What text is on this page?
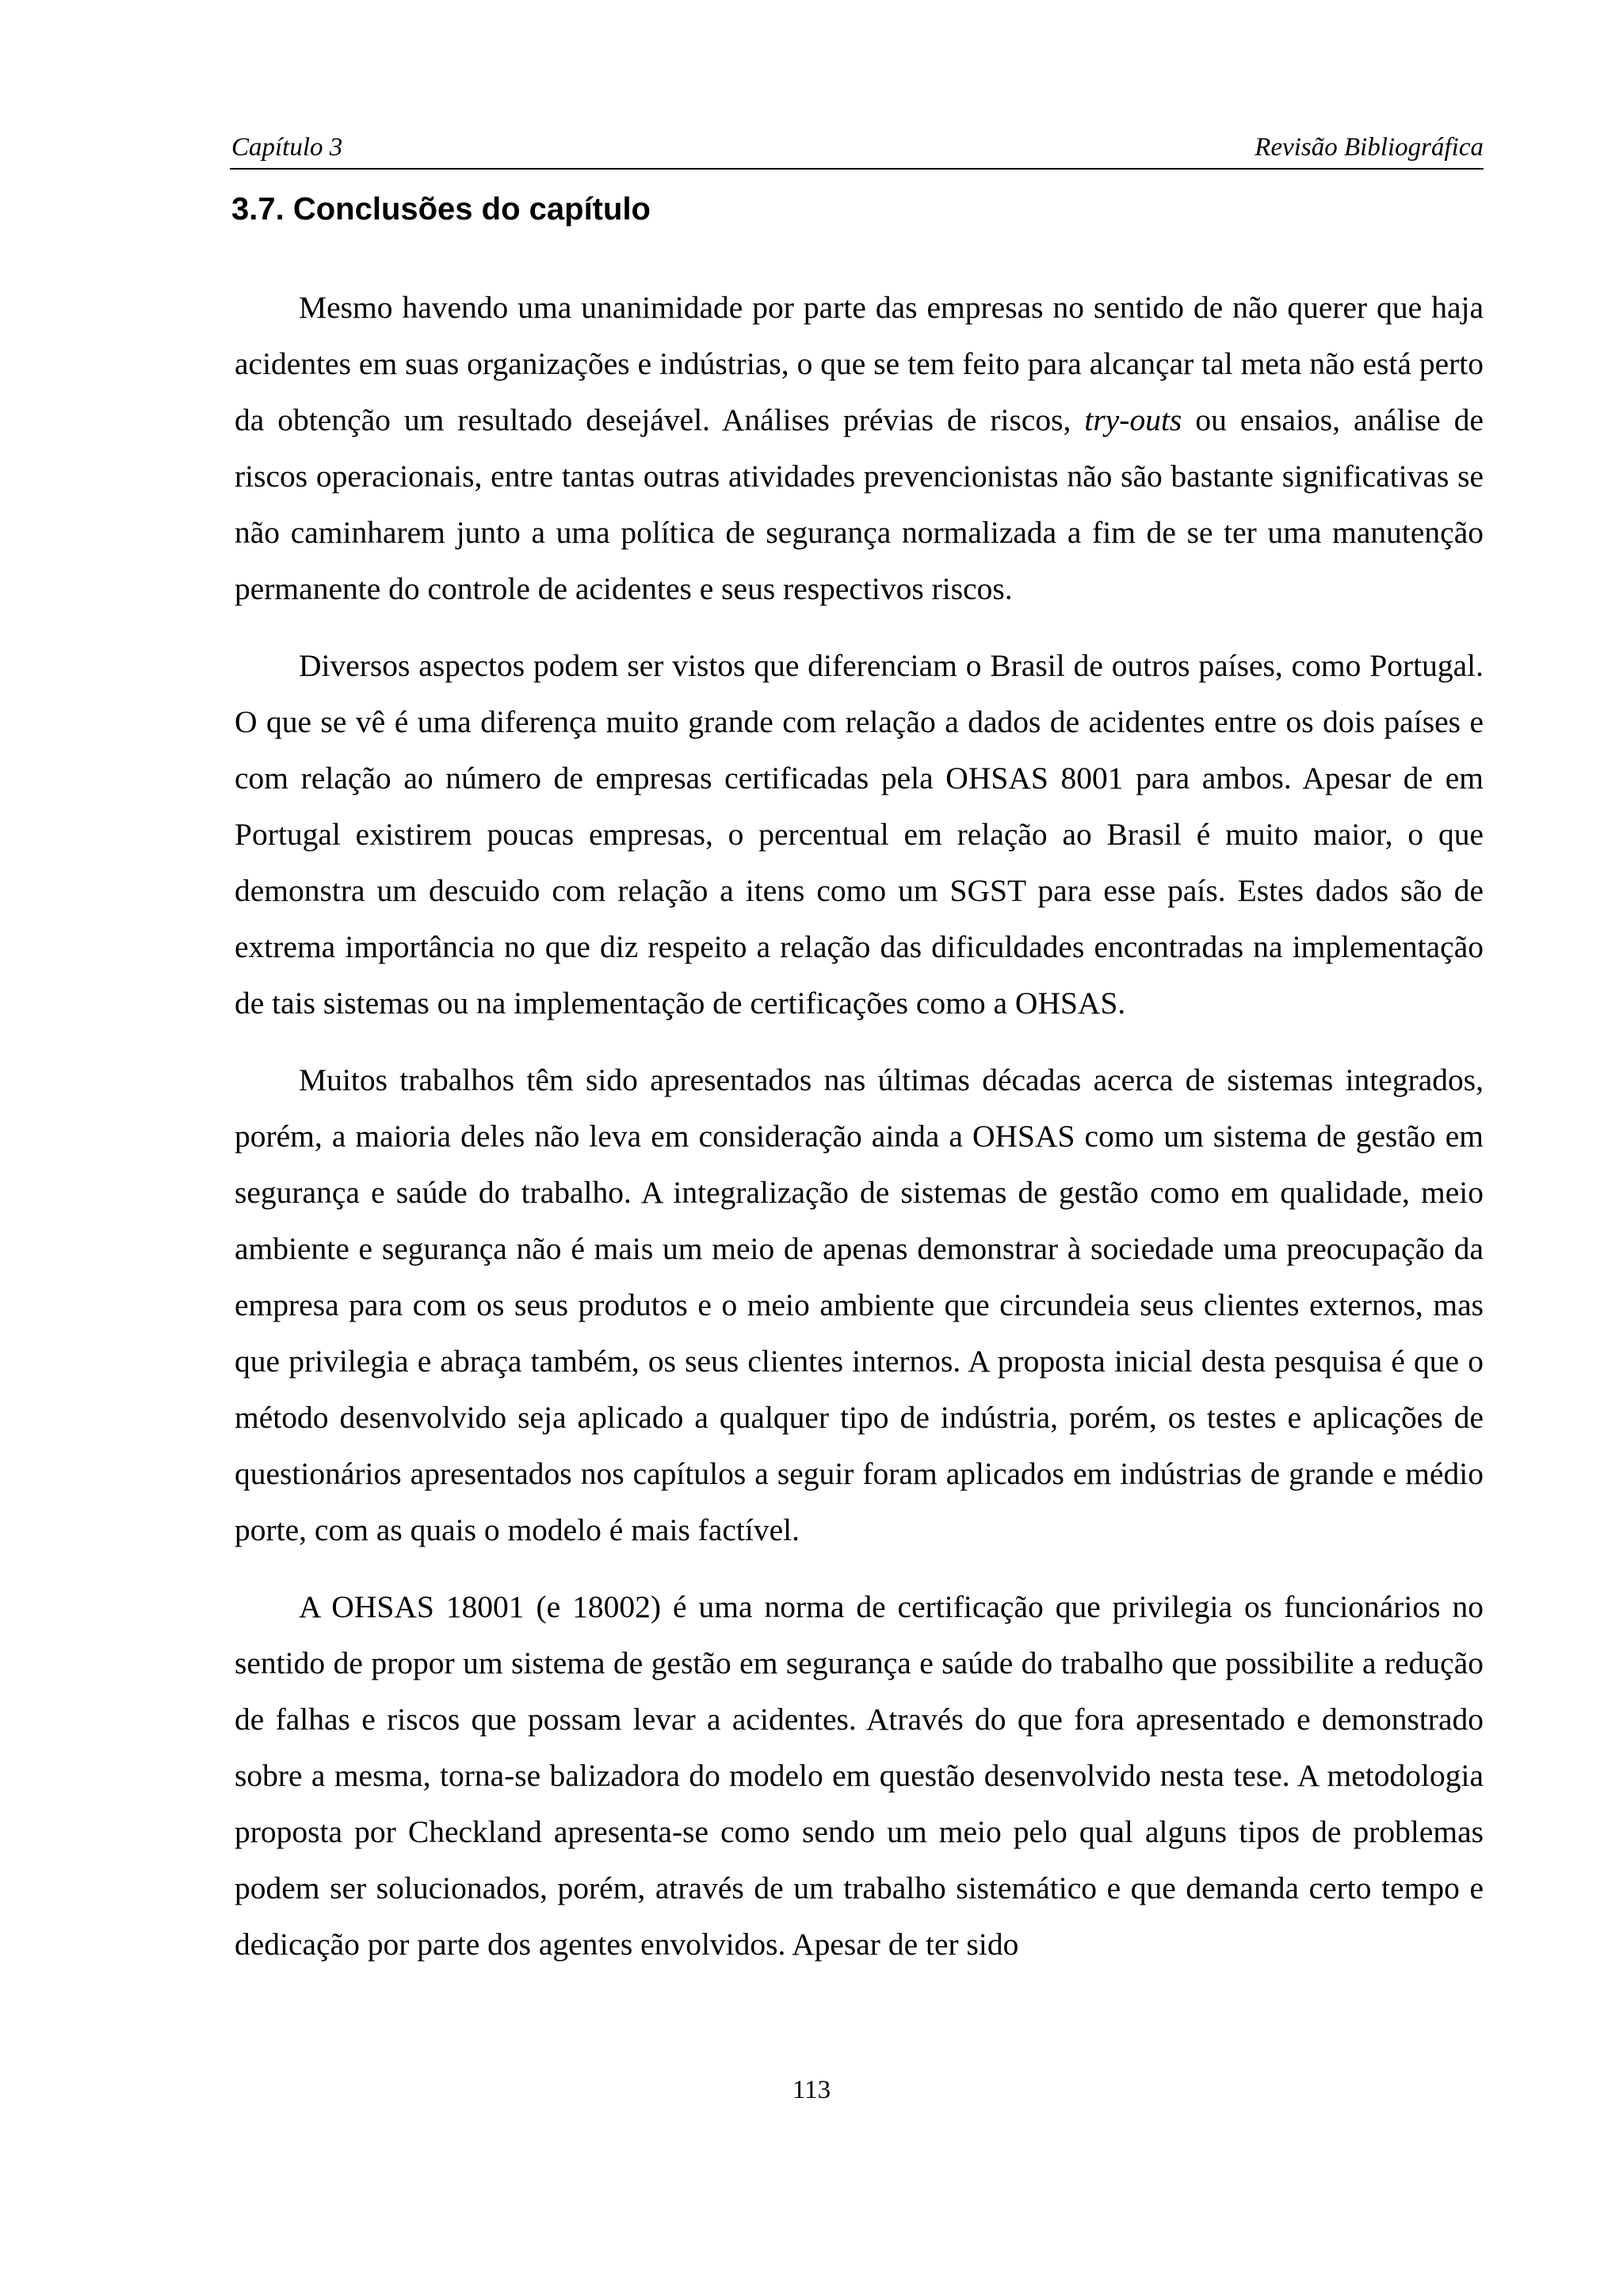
Capítulo 3	Revisão Bibliográfica
3.7. Conclusões do capítulo

Mesmo havendo uma unanimidade por parte das empresas no sentido de não querer que haja acidentes em suas organizações e indústrias, o que se tem feito para alcançar tal meta não está perto da obtenção um resultado desejável. Análises prévias de riscos, try-outs ou ensaios, análise de riscos operacionais, entre tantas outras atividades prevencionistas não são bastante significativas se não caminharem junto a uma política de segurança normalizada a fim de se ter uma manutenção permanente do controle de acidentes e seus respectivos riscos.

Diversos aspectos podem ser vistos que diferenciam o Brasil de outros países, como Portugal. O que se vê é uma diferença muito grande com relação a dados de acidentes entre os dois países e com relação ao número de empresas certificadas pela OHSAS 8001 para ambos. Apesar de em Portugal existirem poucas empresas, o percentual em relação ao Brasil é muito maior, o que demonstra um descuido com relação a itens como um SGST para esse país. Estes dados são de extrema importância no que diz respeito a relação das dificuldades encontradas na implementação de tais sistemas ou na implementação de certificações como a OHSAS.

Muitos trabalhos têm sido apresentados nas últimas décadas acerca de sistemas integrados, porém, a maioria deles não leva em consideração ainda a OHSAS como um sistema de gestão em segurança e saúde do trabalho. A integralização de sistemas de gestão como em qualidade, meio ambiente e segurança não é mais um meio de apenas demonstrar à sociedade uma preocupação da empresa para com os seus produtos e o meio ambiente que circundeia seus clientes externos, mas que privilegia e abraça também, os seus clientes internos. A proposta inicial desta pesquisa é que o método desenvolvido seja aplicado a qualquer tipo de indústria, porém, os testes e aplicações de questionários apresentados nos capítulos a seguir foram aplicados em indústrias de grande e médio porte, com as quais o modelo é mais factível.

A OHSAS 18001 (e 18002) é uma norma de certificação que privilegia os funcionários no sentido de propor um sistema de gestão em segurança e saúde do trabalho que possibilite a redução de falhas e riscos que possam levar a acidentes. Através do que fora apresentado e demonstrado sobre a mesma, torna-se balizadora do modelo em questão desenvolvido nesta tese. A metodologia proposta por Checkland apresenta-se como sendo um meio pelo qual alguns tipos de problemas podem ser solucionados, porém, através de um trabalho sistemático e que demanda certo tempo e dedicação por parte dos agentes envolvidos. Apesar de ter sido

113
